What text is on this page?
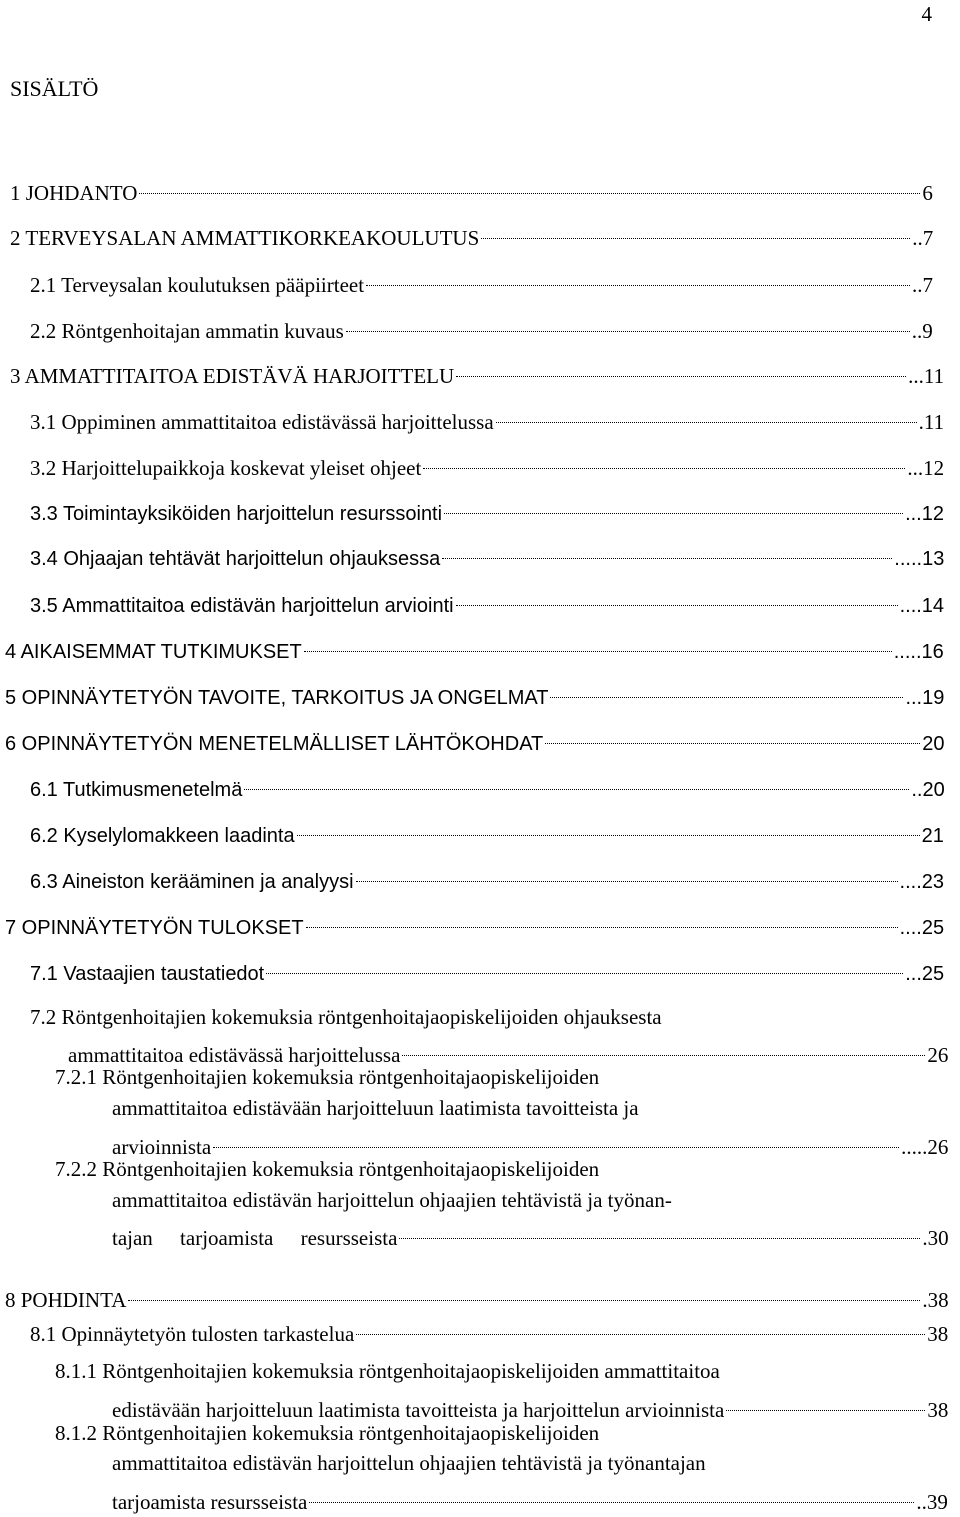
4
SISÄLTÖ
1 JOHDANTO	6
2 TERVEYSALAN AMMATTIKORKEAKOULUTUS	..7
2.1 Terveysalan koulutuksen pääpiirteet	..7
2.2 Röntgenhoitajan ammatin kuvaus	..9
3 AMMATTITAITOA EDISTÄVÄ HARJOITTELU	...11
3.1 Oppiminen ammattitaitoa edistävässä harjoittelussa	.11
3.2 Harjoittelupaikkoja koskevat yleiset ohjeet	...12
3.3 Toimintayksiköiden harjoittelun resurssointi	...12
3.4 Ohjaajan tehtävät harjoittelun ohjauksessa	.....13
3.5 Ammattitaitoa edistävän harjoittelun arviointi	....14
4 AIKAISEMMAT TUTKIMUKSET	.....16
5 OPINNÄYTETYÖN TAVOITE, TARKOITUS JA ONGELMAT	...19
6 OPINNÄYTETYÖN MENETELMÄLLISET LÄHTÖKOHDAT	20
6.1 Tutkimusmenetelmä	..20
6.2 Kyselylomakkeen laadinta	21
6.3 Aineiston kerääminen ja analyysi	....23
7 OPINNÄYTETYÖN TULOKSET	....25
7.1 Vastaajien taustatiedot	...25
7.2 Röntgenhoitajien kokemuksia röntgenhoitajaopiskelijoiden ohjauksesta
ammattitaitoa edistävässä harjoittelussa	26
7.2.1 Röntgenhoitajien kokemuksia röntgenhoitajaopiskelijoiden
ammattitaitoa edistävään harjoitteluun laatimista tavoitteista ja
arvioinnista	.....26
7.2.2 Röntgenhoitajien kokemuksia röntgenhoitajaopiskelijoiden
ammattitaitoa edistävän harjoittelun ohjaajien tehtävistä ja työnan-
tajan tarjoamista resursseista	.30
8 POHDINTA	.38
8.1 Opinnäytetyön tulosten tarkastelua	38
8.1.1 Röntgenhoitajien kokemuksia röntgenhoitajaopiskelijoiden ammattitaitoa
edistävään harjoitteluun laatimista tavoitteista ja harjoittelun arvioinnista	38
8.1.2 Röntgenhoitajien kokemuksia röntgenhoitajaopiskelijoiden
ammattitaitoa edistävän harjoittelun ohjaajien tehtävistä ja työnantajan
tarjoamista resursseista	..39
